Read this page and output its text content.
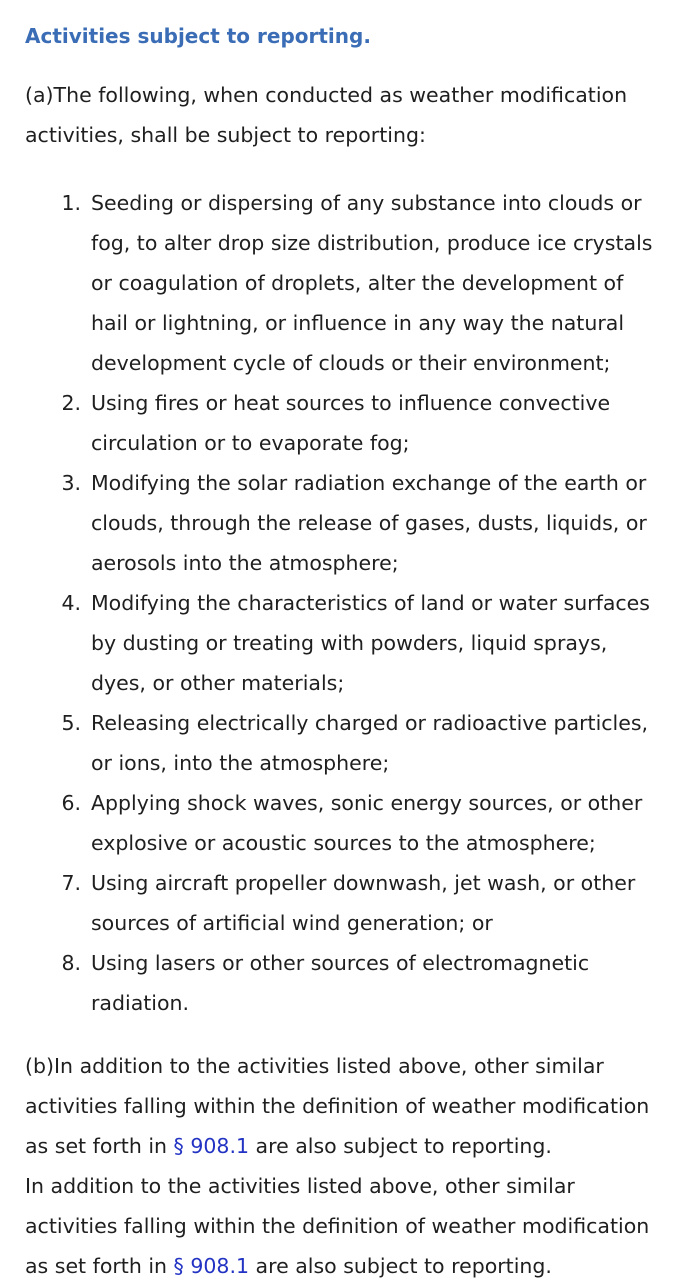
Activities subject to reporting.

(a)The following, when conducted as weather modification activities, shall be subject to reporting:

1. Seeding or dispersing of any substance into clouds or fog, to alter drop size distribution, produce ice crystals or coagulation of droplets, alter the development of hail or lightning, or influence in any way the natural development cycle of clouds or their environment;
2. Using fires or heat sources to influence convective circulation or to evaporate fog;
3. Modifying the solar radiation exchange of the earth or clouds, through the release of gases, dusts, liquids, or aerosols into the atmosphere;
4. Modifying the characteristics of land or water surfaces by dusting or treating with powders, liquid sprays, dyes, or other materials;
5. Releasing electrically charged or radioactive particles, or ions, into the atmosphere;
6. Applying shock waves, sonic energy sources, or other explosive or acoustic sources to the atmosphere;
7. Using aircraft propeller downwash, jet wash, or other sources of artificial wind generation; or
8. Using lasers or other sources of electromagnetic radiation.

(b)In addition to the activities listed above, other similar activities falling within the definition of weather modification as set forth in § 908.1 are also subject to reporting.

In addition to the activities listed above, other similar activities falling within the definition of weather modification as set forth in § 908.1 are also subject to reporting.
